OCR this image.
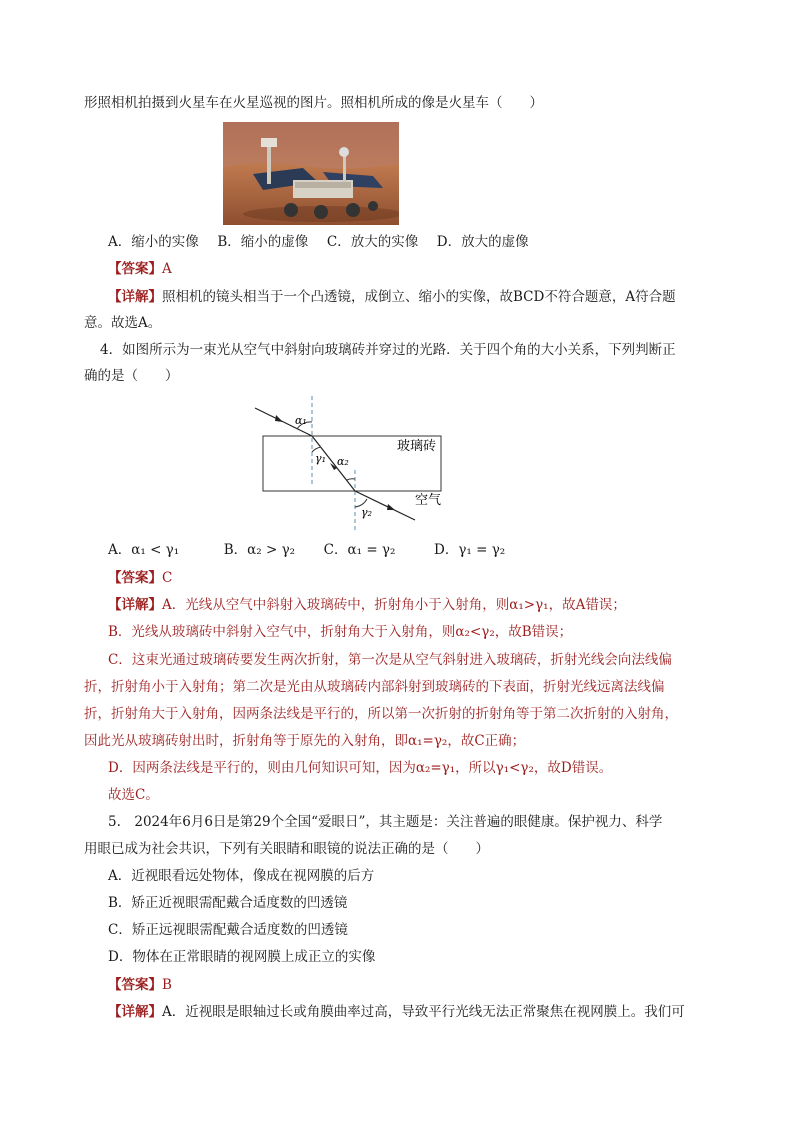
形照相机拍摄到火星车在火星巡视的图片。照相机所成的像是火星车（　　）
A．缩小的实像 B．缩小的虚像 C．放大的实像 D．放大的虚像
【答案】A
【详解】照相机的镜头相当于一个凸透镜，成倒立、缩小的实像，故BCD不符合题意，A符合题
意。故选A。
4．如图所示为一束光从空气中斜射向玻璃砖并穿过的光路．关于四个角的大小关系，下列判断正
确的是（　　）
α₁
γ₁ α₂
γ₂
玻璃砖
空气
A．α₁ < γ₁	B．α₂ > γ₂ C．α₁ = γ₂	D．γ₁ = γ₂
【答案】C
【详解】A．光线从空气中斜射入玻璃砖中，折射角小于入射角，则α₁>γ₁，故A错误；
B．光线从玻璃砖中斜射入空气中，折射角大于入射角，则α₂<γ₂，故B错误；
C．这束光通过玻璃砖要发生两次折射，第一次是从空气斜射进入玻璃砖，折射光线会向法线偏
折，折射角小于入射角；第二次是光由从玻璃砖内部斜射到玻璃砖的下表面，折射光线远离法线偏
折，折射角大于入射角，因两条法线是平行的，所以第一次折射的折射角等于第二次折射的入射角，
因此光从玻璃砖射出时，折射角等于原先的入射角，即α₁=γ₂，故C正确；
D．因两条法线是平行的，则由几何知识可知，因为α₂=γ₁，所以γ₁<γ₂，故D错误。
故选C。
5.　2024年6月6日是第29个全国“爱眼日”，其主题是：关注普遍的眼健康。保护视力、科学
用眼已成为社会共识，下列有关眼睛和眼镜的说法正确的是（　　）
A．近视眼看远处物体，像成在视网膜的后方
B．矫正近视眼需配戴合适度数的凹透镜
C．矫正远视眼需配戴合适度数的凹透镜
D．物体在正常眼睛的视网膜上成正立的实像
【答案】B
【详解】A．近视眼是眼轴过长或角膜曲率过高，导致平行光线无法正常聚焦在视网膜上。我们可
